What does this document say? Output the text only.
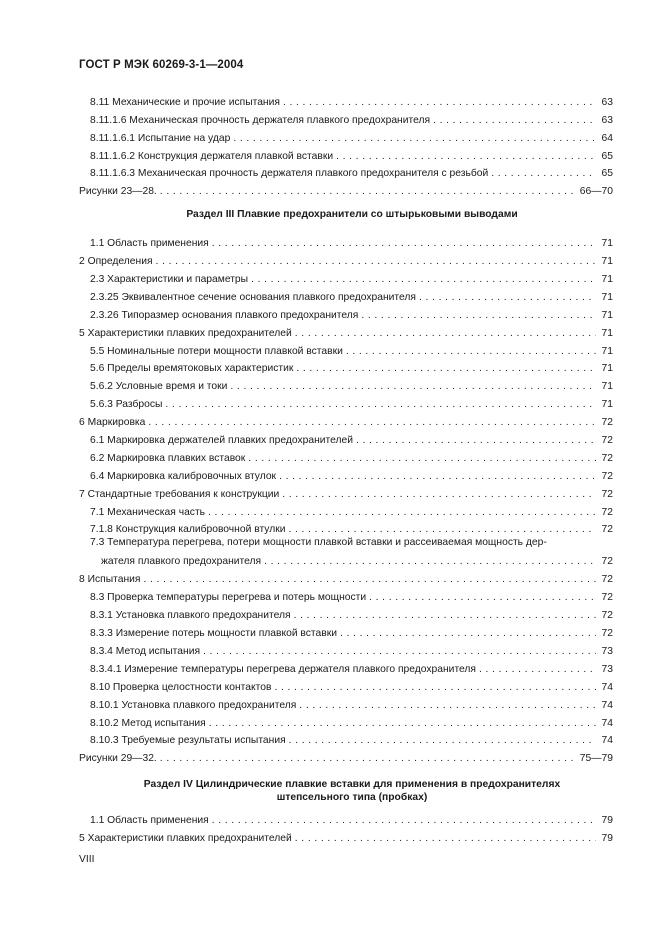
ГОСТ Р МЭК 60269-3-1—2004
8.11 Механические и прочие испытания . . .	63
8.11.1.6 Механическая прочность держателя плавкого предохранителя . . .	63
8.11.1.6.1 Испытание на удар . . .	64
8.11.1.6.2 Конструкция держателя плавкой вставки . . .	65
8.11.1.6.3 Механическая прочность держателя плавкого предохранителя с резьбой . . .	65
Рисунки 23—28. . . .	66—70
Раздел III Плавкие предохранители со штырьковыми выводами
1.1 Область применения . . .	71
2 Определения . . .	71
2.3 Характеристики и параметры . . .	71
2.3.25 Эквивалентное сечение основания плавкого предохранителя . . .	71
2.3.26 Типоразмер основания плавкого предохранителя . . .	71
5 Характеристики плавких предохранителей . . .	71
5.5 Номинальные потери мощности плавкой вставки . . .	71
5.6 Пределы времятоковых характеристик . . .	71
5.6.2 Условные время и токи . . .	71
5.6.3 Разбросы . . .	71
6 Маркировка . . .	72
6.1 Маркировка держателей плавких предохранителей . . .	72
6.2 Маркировка плавких вставок . . .	72
6.4 Маркировка калибровочных втулок . . .	72
7 Стандартные требования к конструкции . . .	72
7.1 Механическая часть . . .	72
7.1.8 Конструкция калибровочной втулки . . .	72
7.3 Температура перегрева, потери мощности плавкой вставки и рассеиваемая мощность дер-
жателя плавкого предохранителя . . .	72
8 Испытания . . .	72
8.3 Проверка температуры перегрева и потерь мощности . . .	72
8.3.1 Установка плавкого предохранителя . . .	72
8.3.3 Измерение потерь мощности плавкой вставки . . .	72
8.3.4 Метод испытания . . .	73
8.3.4.1 Измерение температуры перегрева держателя плавкого предохранителя . . .	73
8.10 Проверка целостности контактов . . .	74
8.10.1 Установка плавкого предохранителя . . .	74
8.10.2 Метод испытания . . .	74
8.10.3 Требуемые результаты испытания . . .	74
Рисунки 29—32. . . .	75—79
Раздел IV Цилиндрические плавкие вставки для применения в предохранителях
штепсельного типа (пробках)
1.1 Область применения . . .	79
5 Характеристики плавких предохранителей . . .	79
VIII
